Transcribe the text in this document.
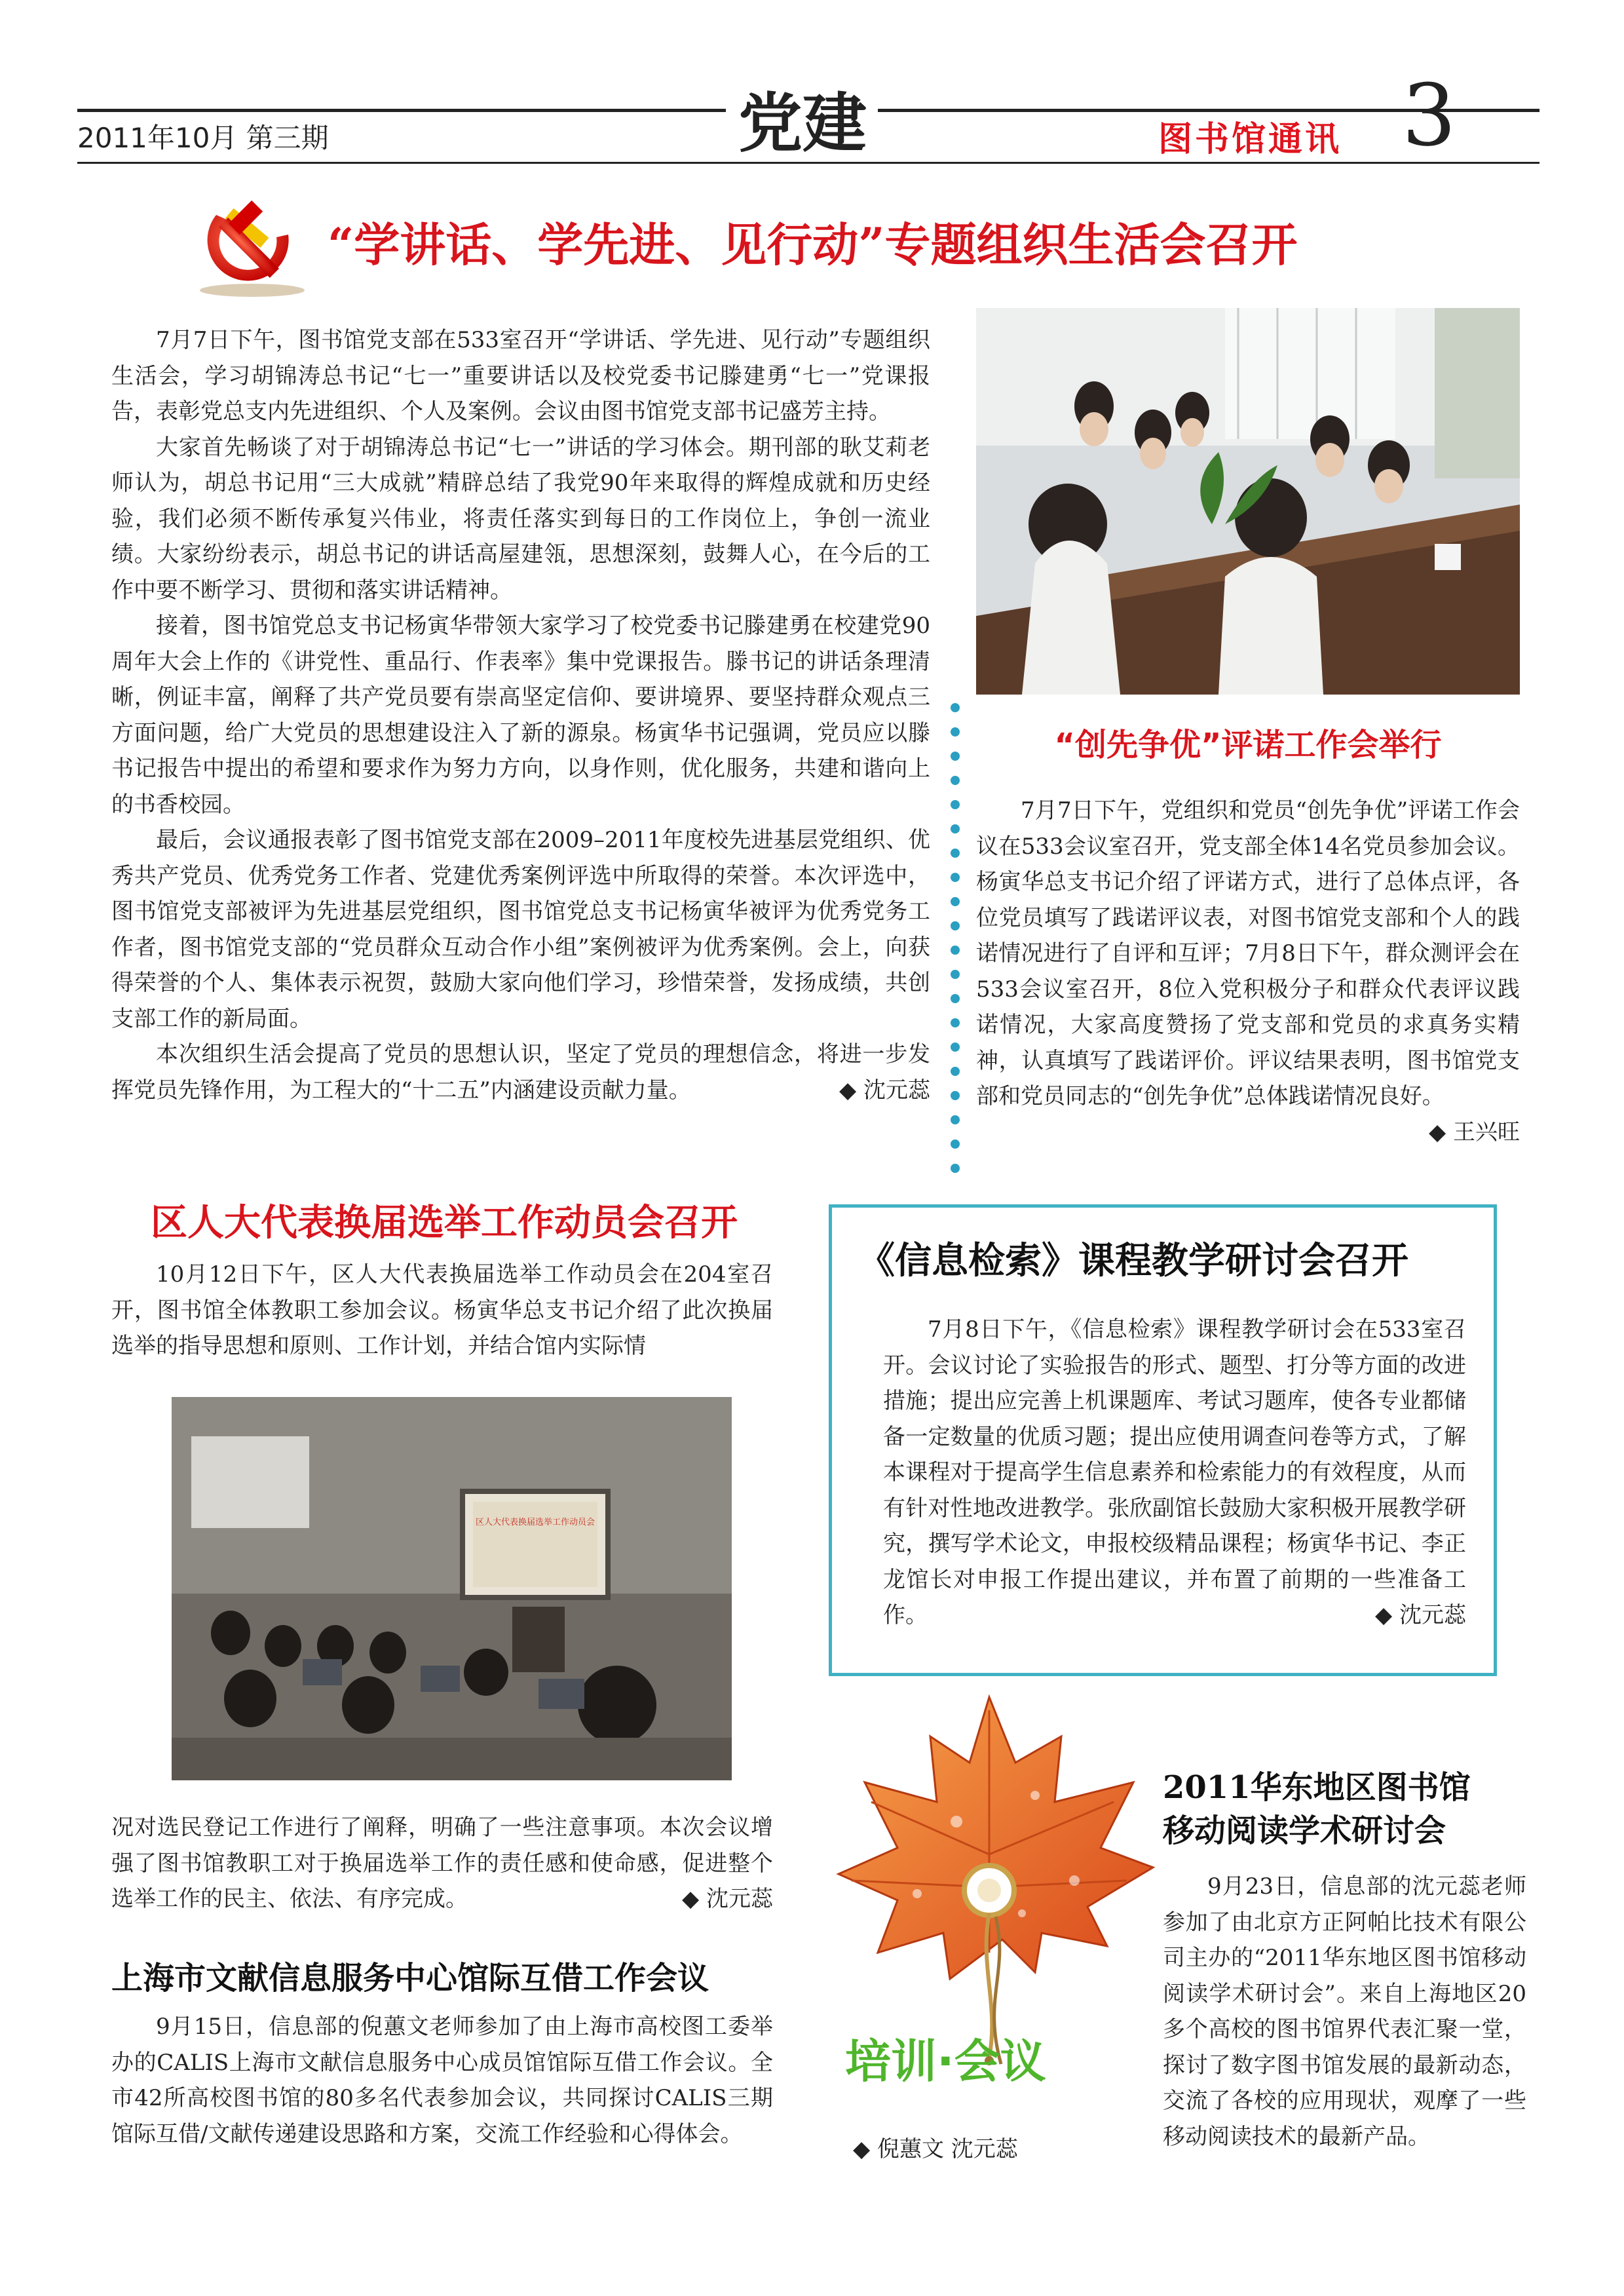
2011年10月 第三期	党建	图书馆通讯 3
“学讲话、学先进、见行动”专题组织生活会召开

7月7日下午，图书馆党支部在533室召开“学讲话、学先进、见行动”专题组织生活会，学习胡锦涛总书记“七一”重要讲话以及校党委书记滕建勇“七一”党课报告，表彰党总支内先进组织、个人及案例。会议由图书馆党支部书记盛芳主持。

大家首先畅谈了对于胡锦涛总书记“七一”讲话的学习体会。期刊部的耿艾莉老师认为，胡总书记用“三大成就”精辟总结了我党90年来取得的辉煌成就和历史经验，我们必须不断传承复兴伟业，将责任落实到每日的工作岗位上，争创一流业绩。大家纷纷表示，胡总书记的讲话高屋建瓴，思想深刻，鼓舞人心，在今后的工作中要不断学习、贯彻和落实讲话精神。

接着，图书馆党总支书记杨寅华带领大家学习了校党委书记滕建勇在校建党90周年大会上作的《讲党性、重品行、作表率》集中党课报告。滕书记的讲话条理清晰，例证丰富，阐释了共产党员要有崇高坚定信仰、要讲境界、要坚持群众观点三方面问题，给广大党员的思想建设注入了新的源泉。杨寅华书记强调，党员应以滕书记报告中提出的希望和要求作为努力方向，以身作则，优化服务，共建和谐向上的书香校园。

最后，会议通报表彰了图书馆党支部在2009–2011年度校先进基层党组织、优秀共产党员、优秀党务工作者、党建优秀案例评选中所取得的荣誉。本次评选中，图书馆党支部被评为先进基层党组织，图书馆党总支书记杨寅华被评为优秀党务工作者，图书馆党支部的“党员群众互动合作小组”案例被评为优秀案例。会上，向获得荣誉的个人、集体表示祝贺，鼓励大家向他们学习，珍惜荣誉，发扬成绩，共创支部工作的新局面。

本次组织生活会提高了党员的思想认识，坚定了党员的理想信念，将进一步发挥党员先锋作用，为工程大的“十二五”内涵建设贡献力量。	◆ 沈元蕊

“创先争优”评诺工作会举行

7月7日下午，党组织和党员“创先争优”评诺工作会议在533会议室召开，党支部全体14名党员参加会议。杨寅华总支书记介绍了评诺方式，进行了总体点评，各位党员填写了践诺评议表，对图书馆党支部和个人的践诺情况进行了自评和互评；7月8日下午，群众测评会在533会议室召开，8位入党积极分子和群众代表评议践诺情况，大家高度赞扬了党支部和党员的求真务实精神，认真填写了践诺评价。评议结果表明，图书馆党支部和党员同志的“创先争优”总体践诺情况良好。
◆ 王兴旺

区人大代表换届选举工作动员会召开

10月12日下午，区人大代表换届选举工作动员会在204室召开，图书馆全体教职工参加会议。杨寅华总支书记介绍了此次换届选举的指导思想和原则、工作计划，并结合馆内实际情

区人大代表换届选举工作动员会

况对选民登记工作进行了阐释，明确了一些注意事项。本次会议增强了图书馆教职工对于换届选举工作的责任感和使命感，促进整个选举工作的民主、依法、有序完成。	◆ 沈元蕊

《信息检索》课程教学研讨会召开

7月8日下午，《信息检索》课程教学研讨会在533室召开。会议讨论了实验报告的形式、题型、打分等方面的改进措施；提出应完善上机课题库、考试习题库，使各专业都储备一定数量的优质习题；提出应使用调查问卷等方式，了解本课程对于提高学生信息素养和检索能力的有效程度，从而有针对性地改进教学。张欣副馆长鼓励大家积极开展教学研究，撰写学术论文，申报校级精品课程；杨寅华书记、李正龙馆长对申报工作提出建议，并布置了前期的一些准备工作。	◆ 沈元蕊

上海市文献信息服务中心馆际互借工作会议

9月15日，信息部的倪蕙文老师参加了由上海市高校图工委举办的CALIS上海市文献信息服务中心成员馆馆际互借工作会议。全市42所高校图书馆的80多名代表参加会议，共同探讨CALIS三期馆际互借/文献传递建设思路和方案，交流工作经验和心得体会。

培训·会议
◆ 倪蕙文 沈元蕊
2011华东地区图书馆
移动阅读学术研讨会

9月23日，信息部的沈元蕊老师参加了由北京方正阿帕比技术有限公司主办的“2011华东地区图书馆移动阅读学术研讨会”。来自上海地区20多个高校的图书馆界代表汇聚一堂，探讨了数字图书馆发展的最新动态，交流了各校的应用现状，观摩了一些移动阅读技术的最新产品。
